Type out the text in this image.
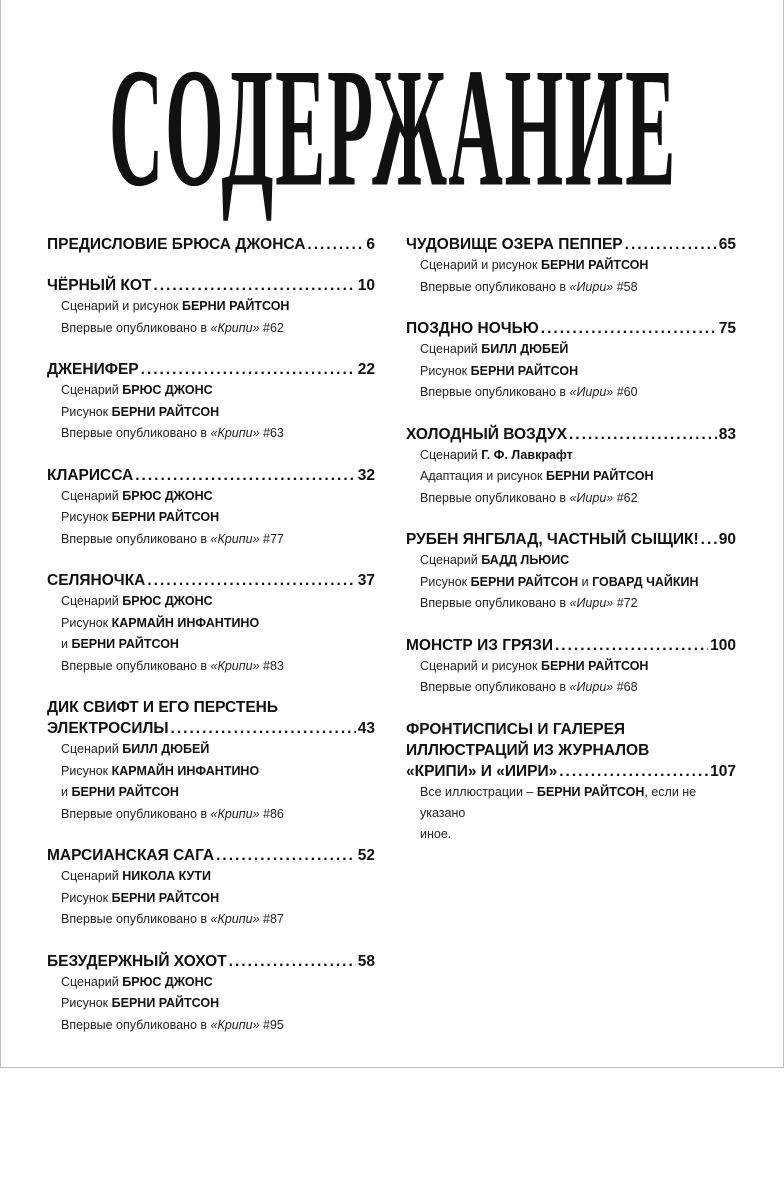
СОДЕРЖАНИЕ
ПРЕДИСЛОВИЕ БРЮСА ДЖОНСА .....	6
ЧЁРНЫЙ КОТ .....	10
Сценарий и рисунок БЕРНИ РАЙТСОН
Впервые опубликовано в «Крипи» #62
ДЖЕНИФЕР .....	22
Сценарий БРЮС ДЖОНС
Рисунок БЕРНИ РАЙТСОН
Впервые опубликовано в «Крипи» #63
КЛАРИССА .....	32
Сценарий БРЮС ДЖОНС
Рисунок БЕРНИ РАЙТСОН
Впервые опубликовано в «Крипи» #77
СЕЛЯНОЧКА .....	37
Сценарий БРЮС ДЖОНС
Рисунок КАРМАЙН ИНФАНТИНО
и БЕРНИ РАЙТСОН
Впервые опубликовано в «Крипи» #83
ДИК СВИФТ И ЕГО ПЕРСТЕНЬ
ЭЛЕКТРОСИЛЫ .....	43
Сценарий БИЛЛ ДЮБЕЙ
Рисунок КАРМАЙН ИНФАНТИНО
и БЕРНИ РАЙТСОН
Впервые опубликовано в «Крипи» #86
МАРСИАНСКАЯ САГА .....	52
Сценарий НИКОЛА КУТИ
Рисунок БЕРНИ РАЙТСОН
Впервые опубликовано в «Крипи» #87
БЕЗУДЕРЖНЫЙ ХОХОТ .....	58
Сценарий БРЮС ДЖОНС
Рисунок БЕРНИ РАЙТСОН
Впервые опубликовано в «Крипи» #95
ЧУДОВИЩЕ ОЗЕРА ПЕППЕР .....	65
Сценарий и рисунок БЕРНИ РАЙТСОН
Впервые опубликовано в «Иири» #58
ПОЗДНО НОЧЬЮ .....	75
Сценарий БИЛЛ ДЮБЕЙ
Рисунок БЕРНИ РАЙТСОН
Впервые опубликовано в «Иири» #60
ХОЛОДНЫЙ ВОЗДУХ .....	83
Сценарий Г. Ф. Лавкрафт
Адаптация и рисунок БЕРНИ РАЙТСОН
Впервые опубликовано в «Иири» #62
РУБЕН ЯНГБЛАД, ЧАСТНЫЙ СЫЩИК! ..... 90
Сценарий БАДД ЛЬЮИС
Рисунок БЕРНИ РАЙТСОН и ГОВАРД ЧАЙКИН
Впервые опубликовано в «Иири» #72
МОНСТР ИЗ ГРЯЗИ .....	100
Сценарий и рисунок БЕРНИ РАЙТСОН
Впервые опубликовано в «Иири» #68
ФРОНТИСПИСЫ И ГАЛЕРЕЯ
ИЛЛЮСТРАЦИЙ ИЗ ЖУРНАЛОВ
«КРИПИ» И «ИИРИ» .....	107
Все иллюстрации – БЕРНИ РАЙТСОН, если не указано
иное.
